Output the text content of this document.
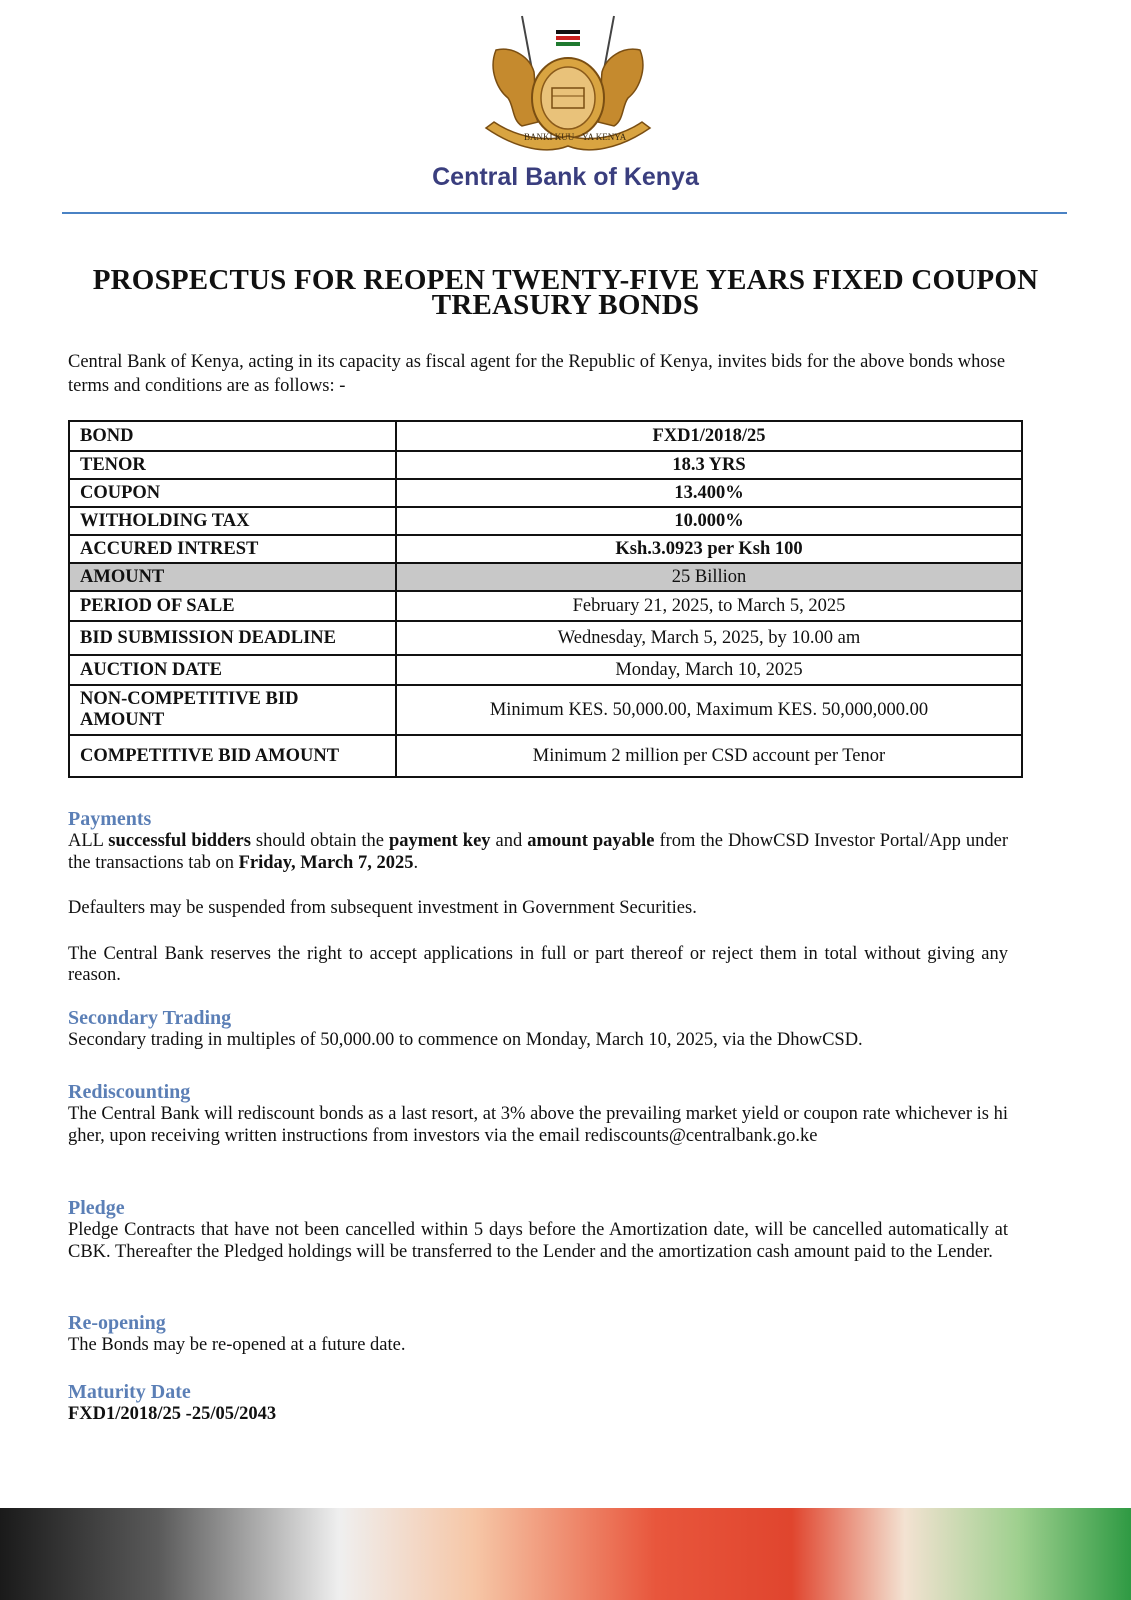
BANKI KUU YA KENYA
Central Bank of Kenya
PROSPECTUS FOR REOPEN TWENTY-FIVE YEARS FIXED COUPON TREASURY BONDS
Central Bank of Kenya, acting in its capacity as fiscal agent for the Republic of Kenya, invites bids for the above bonds whose terms and conditions are as follows: -
BOND	FXD1/2018/25
TENOR	18.3 YRS
COUPON	13.400%
WITHOLDING TAX	10.000%
ACCURED INTREST	Ksh.3.0923 per Ksh 100
AMOUNT	25 Billion
PERIOD OF SALE	February 21, 2025, to March 5, 2025
BID SUBMISSION DEADLINE	Wednesday, March 5, 2025, by 10.00 am
AUCTION DATE	Monday, March 10, 2025
NON-COMPETITIVE BID AMOUNT	Minimum KES. 50,000.00, Maximum KES. 50,000,000.00
COMPETITIVE BID AMOUNT	Minimum 2 million per CSD account per Tenor
Payments

ALL successful bidders should obtain the payment key and amount payable from the DhowCSD Investor Portal/App under the transactions tab on Friday, March 7, 2025.

Defaulters may be suspended from subsequent investment in Government Securities.

The Central Bank reserves the right to accept applications in full or part thereof or reject them in total without giving any reason.

Secondary Trading

Secondary trading in multiples of 50,000.00 to commence on Monday, March 10, 2025, via the DhowCSD.

Rediscounting

The Central Bank will rediscount bonds as a last resort, at 3% above the prevailing market yield or coupon rate whichever is higher, upon receiving written instructions from investors via the email rediscounts@centralbank.go.ke

Pledge

Pledge Contracts that have not been cancelled within 5 days before the Amortization date, will be cancelled automatically at CBK. Thereafter the Pledged holdings will be transferred to the Lender and the amortization cash amount paid to the Lender.

Re-opening

The Bonds may be re-opened at a future date.

Maturity Date

FXD1/2018/25 -25/05/2043
